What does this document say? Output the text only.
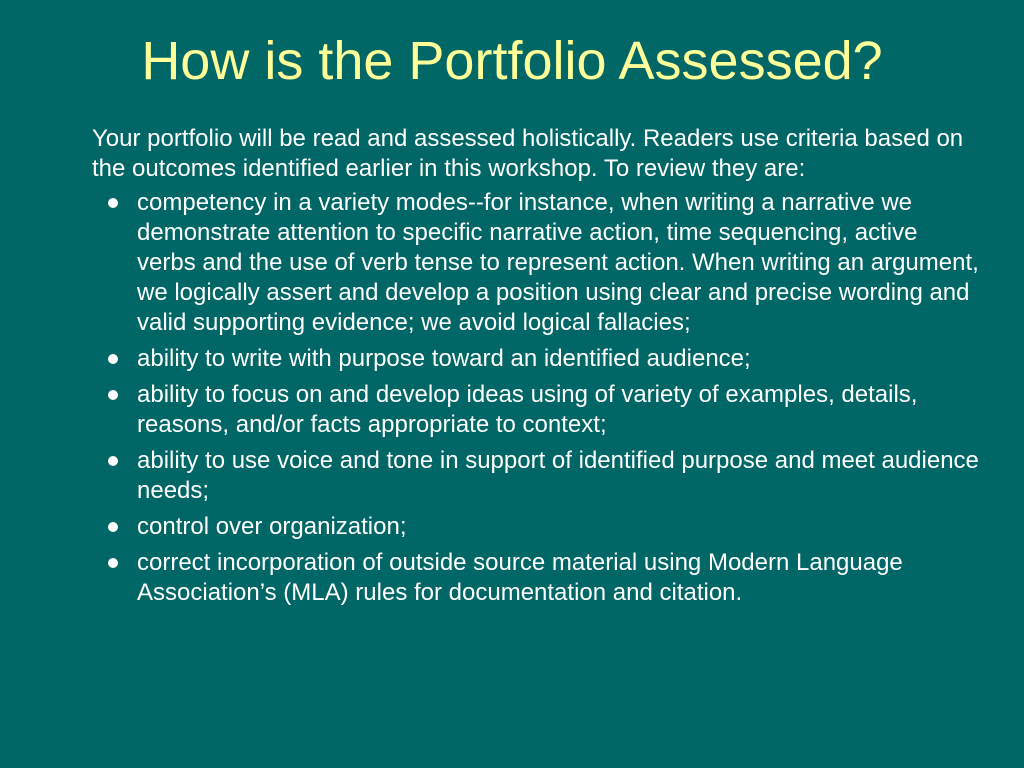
How is the Portfolio Assessed?

Your portfolio will be read and assessed holistically. Readers use criteria based on the outcomes identified earlier in this workshop. To review they are:

competency in a variety modes--for instance, when writing a narrative we demonstrate attention to specific narrative action, time sequencing, active verbs and the use of verb tense to represent action. When writing an argument, we logically assert and develop a position using clear and precise wording and valid supporting evidence; we avoid logical fallacies;
ability to write with purpose toward an identified audience;
ability to focus on and develop ideas using of variety of examples, details, reasons, and/or facts appropriate to context;
ability to use voice and tone in support of identified purpose and meet audience needs;
control over organization;
correct incorporation of outside source material using Modern Language Association’s (MLA) rules for documentation and citation.
